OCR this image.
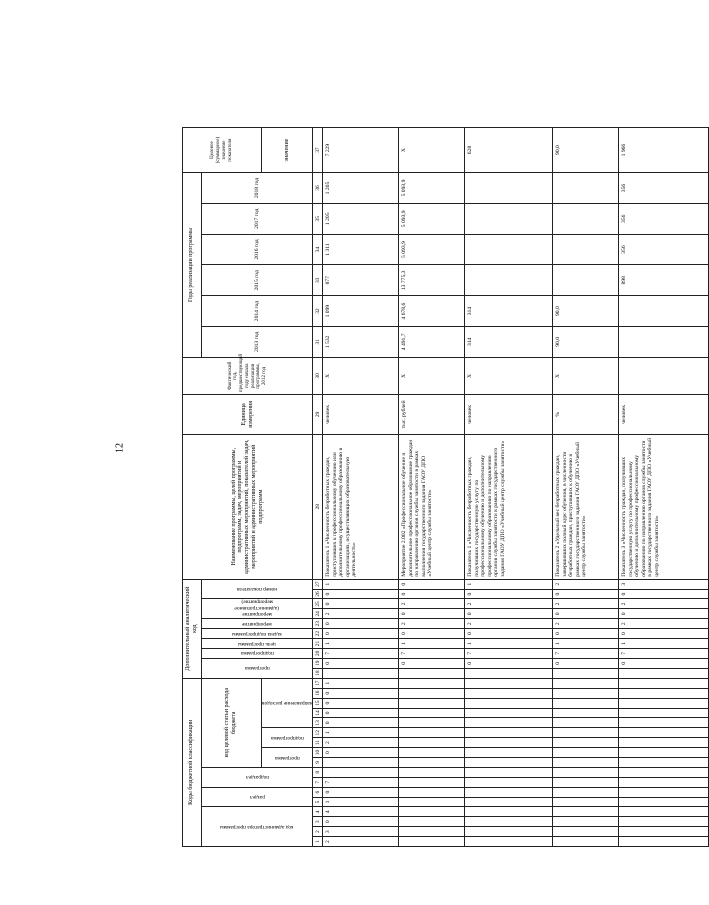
12
Коды бюджетной классификации																	Дополнительный аналитический код										Наименование программы, целей программы, подпрограмм, задач, мероприятий и административных мероприятий, показателей задач, мероприятий и административных мероприятий подпрограмм	Единица измерения	Фактический год, предшествующий году начала реализации программы, 2012 год	Годы реализации программы						Целевое (суммарное) значение показателя

код администратора программы				раздел		подраздел		код целевой статьи расхода бюджета									программа		подпрограмма	цель программы	задача подпрограммы	мероприятие	мероприятие (административное мероприятие)		номер показателя					2013 год	2014 год	2015 год	2016 год	2017 год	2018 год	

								программа		подпрограмма		направление расходов																								значение
1	2	3	4	5	6	7	8	9	10	11	12	13	14	15	16	17	18	19	20	21	22	23	24	25	26	27	28	29	30	31	32	33	34	35	36	37
2	3	0	4	1	0	7			0	2	1	0	0	0	0	1		0	7	1	0	0	2	0	0	1	Показатель 1 «Численность безработных граждан, приступивших к профессиональному обучению или дополнительному профессиональному образованию в организациях, осуществляющих образовательную деятельность»	человек	X	1 532	1 099	877	1 311	1 205	1 205	7 229
																		0	7	1	0	2	0	2	0	0	Мероприятие 2.002 «Профессиональное обучение и дополнительное профессиональное образование граждан по направлению органов службы занятости в рамках выполнения государственного задания ГАОУ ДПО «Учебный центр службы занятости»	тыс. рублей	X	4 491,7	4 678,6	13 775,3	5 093,9	5 093,9	5 093,9	X
																		0	7	1	0	2	0	2	0	1	Показатель 1 «Численность безработных граждан, получивших государственную услугу по профессиональному обучению и дополнительному профессиональному образованию по направлению органов службы занятости в рамках государственного задания ГАОУ ДПО «Учебный центр службы занятости»	человек	X	314	314					628
																		0	7	1	0	2	0	2	0	2	Показатель 2 «Удельный вес безработных граждан, завершивших полный курс обучения, в численности безработных граждан, приступивших к обучению в рамках государственного задания ГАОУ ДПО «Учебный центр службы занятости»	%	X	90,0	90,0					90,0
																		0	7	1	0	2	0	2	0	3	Показатель 3 «Численность граждан, получивших государственную услугу по профессиональному обучению и дополнительному профессиональному образованию по направлению органов службы занятости в рамках государственного задания ГАОУ ДПО «Учебный центр службы занятости»	человек				898	356	356	356	1 966
